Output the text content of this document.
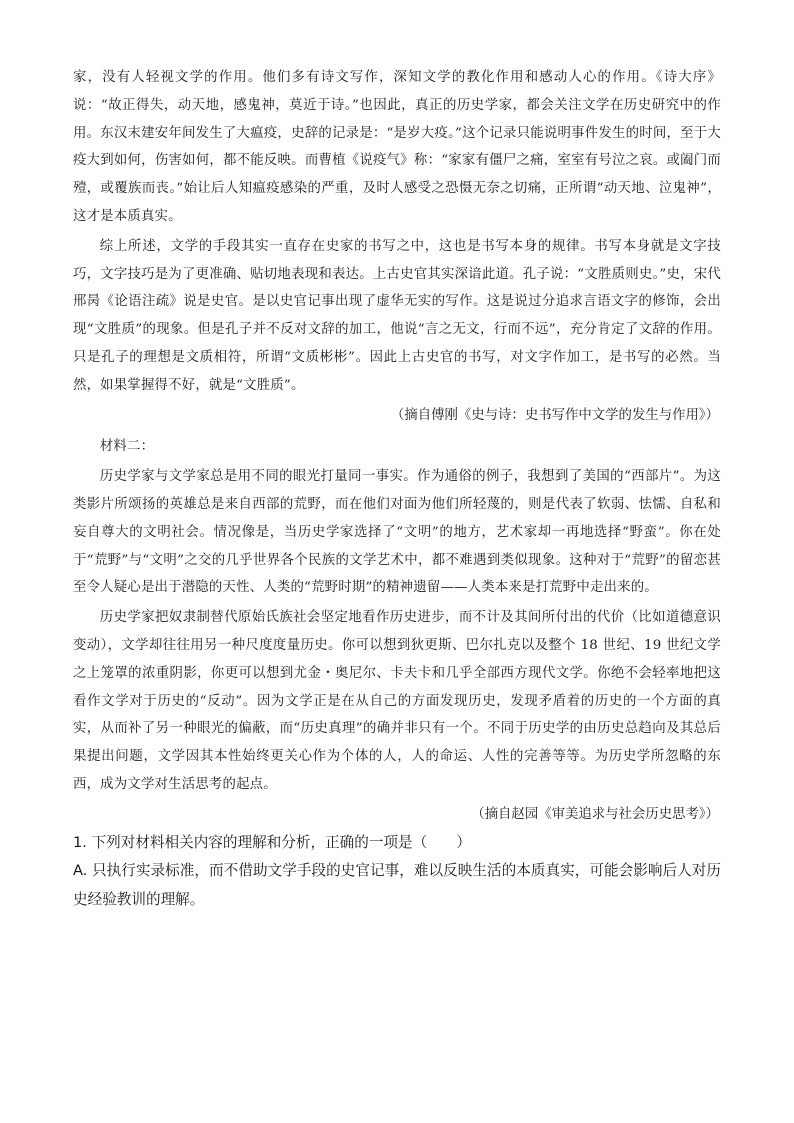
家，没有人轻视文学的作用。他们多有诗文写作，深知文学的教化作用和感动人心的作用。《诗大序》说：“故正得失，动天地，感鬼神，莫近于诗。”也因此，真正的历史学家，都会关注文学在历史研究中的作用。东汉末建安年间发生了大瘟疫，史辞的记录是：“是岁大疫。”这个记录只能说明事件发生的时间，至于大疫大到如何，伤害如何，都不能反映。而曹植《说疫气》称：“家家有僵尸之痛，室室有号泣之哀。或阖门而殪，或覆族而丧。”始让后人知瘟疫感染的严重，及时人感受之恐慑无奈之切痛，正所谓“动天地、泣鬼神”，这才是本质真实。

综上所述，文学的手段其实一直存在史家的书写之中，这也是书写本身的规律。书写本身就是文字技巧，文字技巧是为了更准确、贴切地表现和表达。上古史官其实深谙此道。孔子说：“文胜质则史。”史，宋代邢昺《论语注疏》说是史官。是以史官记事出现了虚华无实的写作。这是说过分追求言语文字的修饰，会出现“文胜质”的现象。但是孔子并不反对文辞的加工，他说“言之无文，行而不远”，充分肯定了文辞的作用。只是孔子的理想是文质相符，所谓“文质彬彬”。因此上古史官的书写，对文字作加工，是书写的必然。当然，如果掌握得不好，就是“文胜质”。

（摘自傅刚《史与诗：史书写作中文学的发生与作用》）

材料二：

历史学家与文学家总是用不同的眼光打量同一事实。作为通俗的例子，我想到了美国的“西部片”。为这类影片所颂扬的英雄总是来自西部的荒野，而在他们对面为他们所轻蔑的，则是代表了软弱、怯懦、自私和妄自尊大的文明社会。情况像是，当历史学家选择了“文明”的地方，艺术家却一再地选择“野蛮”。你在处于“荒野”与“文明”之交的几乎世界各个民族的文学艺术中，都不难遇到类似现象。这种对于“荒野”的留恋甚至令人疑心是出于潜隐的天性、人类的“荒野时期”的精神遗留——人类本来是打荒野中走出来的。

历史学家把奴隶制替代原始氏族社会坚定地看作历史进步，而不计及其间所付出的代价（比如道德意识变动），文学却往往用另一种尺度度量历史。你可以想到狄更斯、巴尔扎克以及整个 18 世纪、19 世纪文学之上笼罩的浓重阴影，你更可以想到尤金・奥尼尔、卡夫卡和几乎全部西方现代文学。你绝不会轻率地把这看作文学对于历史的“反动”。因为文学正是在从自己的方面发现历史，发现矛盾着的历史的一个方面的真实，从而补了另一种眼光的偏蔽，而“历史真理”的确并非只有一个。不同于历史学的由历史总趋向及其总后果提出问题，文学因其本性始终更关心作为个体的人，人的命运、人性的完善等等。为历史学所忽略的东西，成为文学对生活思考的起点。

（摘自赵园《审美追求与社会历史思考》）

1. 下列对材料相关内容的理解和分析，正确的一项是（　　）

A. 只执行实录标准，而不借助文学手段的史官记事，难以反映生活的本质真实，可能会影响后人对历史经验教训的理解。
